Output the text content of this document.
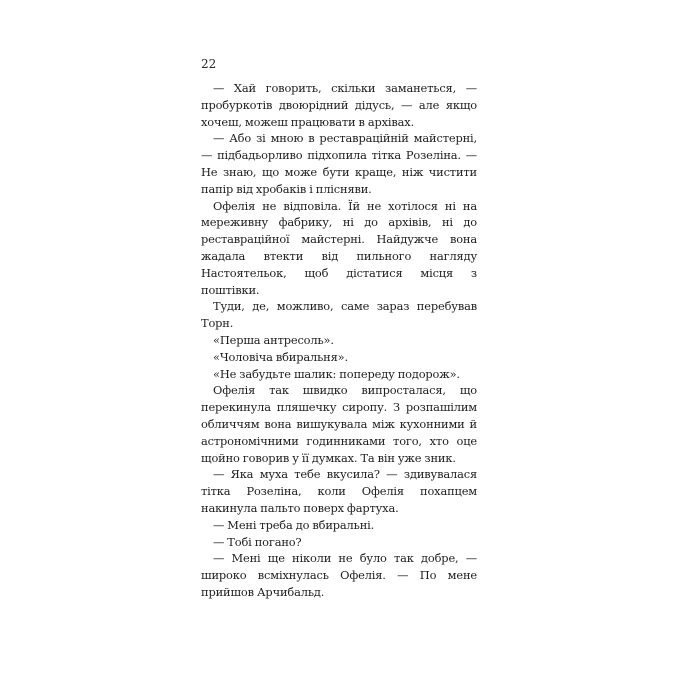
22

— Хай говорить, скільки заманеться, — пробуркотів двоюрідний дідусь, — але якщо хочеш, можеш працювати в архівах.

— Або зі мною в реставраційній майстерні, — підбадьорливо підхопила тітка Розеліна. — Не знаю, що може бути краще, ніж чистити папір від хробаків і плісняви.

Офелія не відповіла. Їй не хотілося ні на мереживну фабрику, ні до архівів, ні до реставраційної майстерні. Найдужче вона жадала втекти від пильного нагляду Настоятельок, щоб дістатися місця з поштівки.

Туди, де, можливо, саме зараз перебував Торн.

«Перша антресоль».

«Чоловіча вбиральня».

«Не забудьте шалик: попереду подорож».

Офелія так швидко випросталася, що перекинула пляшечку сиропу. З розпашілим обличчям вона вишукувала між кухонними й астрономічними годинниками того, хто оце щойно говорив у її думках. Та він уже зник.

— Яка муха тебе вкусила? — здивувалася тітка Розеліна, коли Офелія похапцем накинула пальто поверх фартуха.

— Мені треба до вбиральні.

— Тобі погано?

— Мені ще ніколи не було так добре, — широко всміхнулась Офелія. — По мене прийшов Арчибальд.
